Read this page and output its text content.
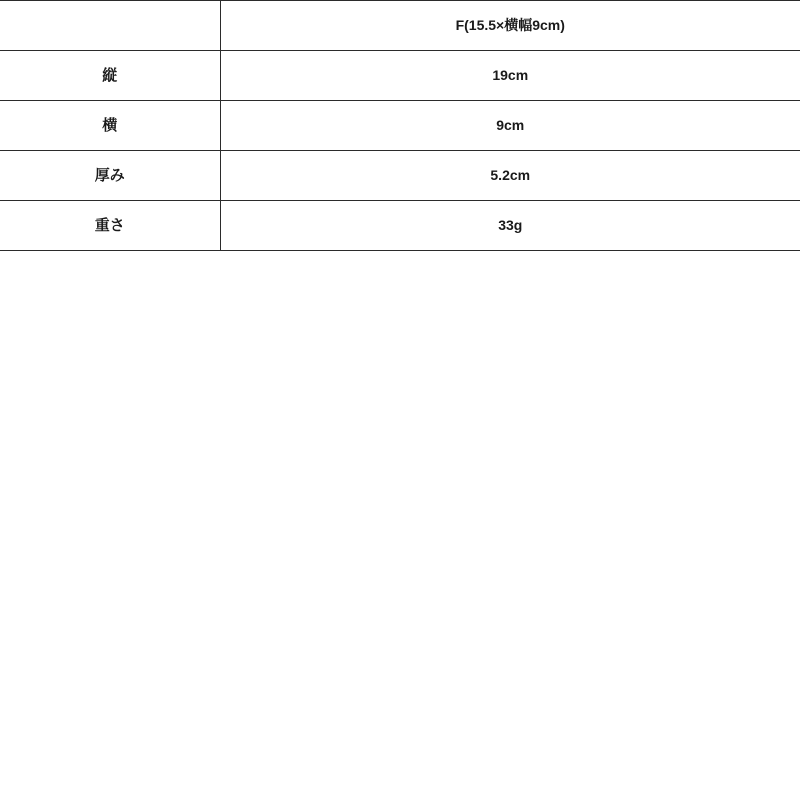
	F(15.5×横幅9cm)
縦	19cm
横	9cm
厚み	5.2cm
重さ	33g
